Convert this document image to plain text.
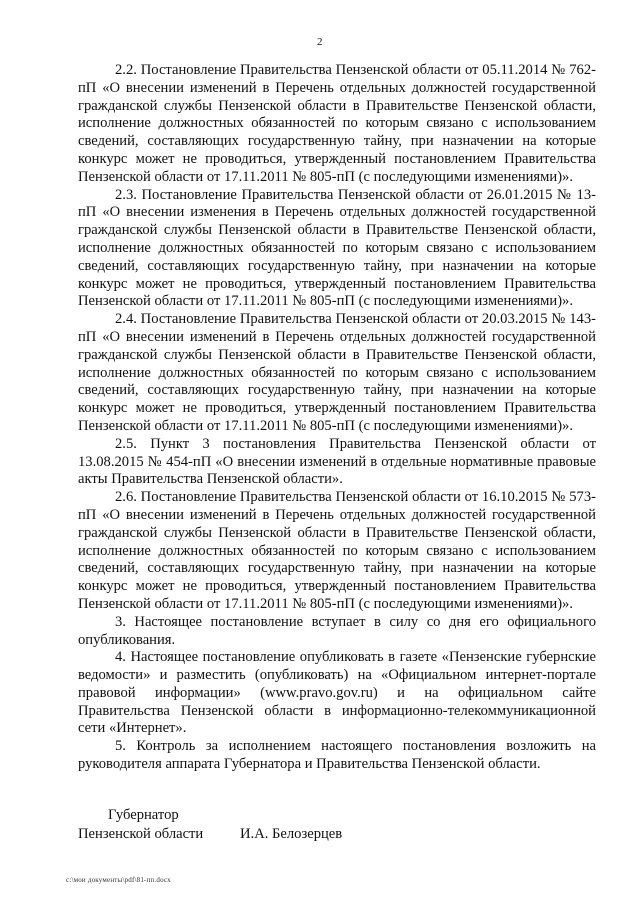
2

2.2. Постановление Правительства Пензенской области от 05.11.2014 № 762-пП «О внесении изменений в Перечень отдельных должностей государственной гражданской службы Пензенской области в Правительстве Пензенской области, исполнение должностных обязанностей по которым связано с использованием сведений, составляющих государственную тайну, при назначении на которые конкурс может не проводиться, утвержденный постановлением Правительства Пензенской области от 17.11.2011 № 805-пП (с последующими изменениями)».

2.3. Постановление Правительства Пензенской области от 26.01.2015 № 13-пП «О внесении изменения в Перечень отдельных должностей государственной гражданской службы Пензенской области в Правительстве Пензенской области, исполнение должностных обязанностей по которым связано с использованием сведений, составляющих государственную тайну, при назначении на которые конкурс может не проводиться, утвержденный постановлением Правительства Пензенской области от 17.11.2011 № 805-пП (с последующими изменениями)».

2.4. Постановление Правительства Пензенской области от 20.03.2015 № 143-пП «О внесении изменений в Перечень отдельных должностей государственной гражданской службы Пензенской области в Правительстве Пензенской области, исполнение должностных обязанностей по которым связано с использованием сведений, составляющих государственную тайну, при назначении на которые конкурс может не проводиться, утвержденный постановлением Правительства Пензенской области от 17.11.2011 № 805-пП (с последующими изменениями)».

2.5. Пункт 3 постановления Правительства Пензенской области от 13.08.2015 № 454-пП «О внесении изменений в отдельные нормативные правовые акты Правительства Пензенской области».

2.6. Постановление Правительства Пензенской области от 16.10.2015 № 573-пП «О внесении изменений в Перечень отдельных должностей государственной гражданской службы Пензенской области в Правительстве Пензенской области, исполнение должностных обязанностей по которым связано с использованием сведений, составляющих государственную тайну, при назначении на которые конкурс может не проводиться, утвержденный постановлением Правительства Пензенской области от 17.11.2011 № 805-пП (с последующими изменениями)».

3. Настоящее постановление вступает в силу со дня его официального опубликования.

4. Настоящее постановление опубликовать в газете «Пензенские губернские ведомости» и разместить (опубликовать) на «Официальном интернет-портале правовой информации» (www.pravo.gov.ru) и на официальном сайте Правительства Пензенской области в информационно-телекоммуникационной сети «Интернет».

5. Контроль за исполнением настоящего постановления возложить на руководителя аппарата Губернатора и Правительства Пензенской области.

Губернатор
Пензенской области	И.А. Белозерцев
c:\мои документы\pdf\81-пп.docx
